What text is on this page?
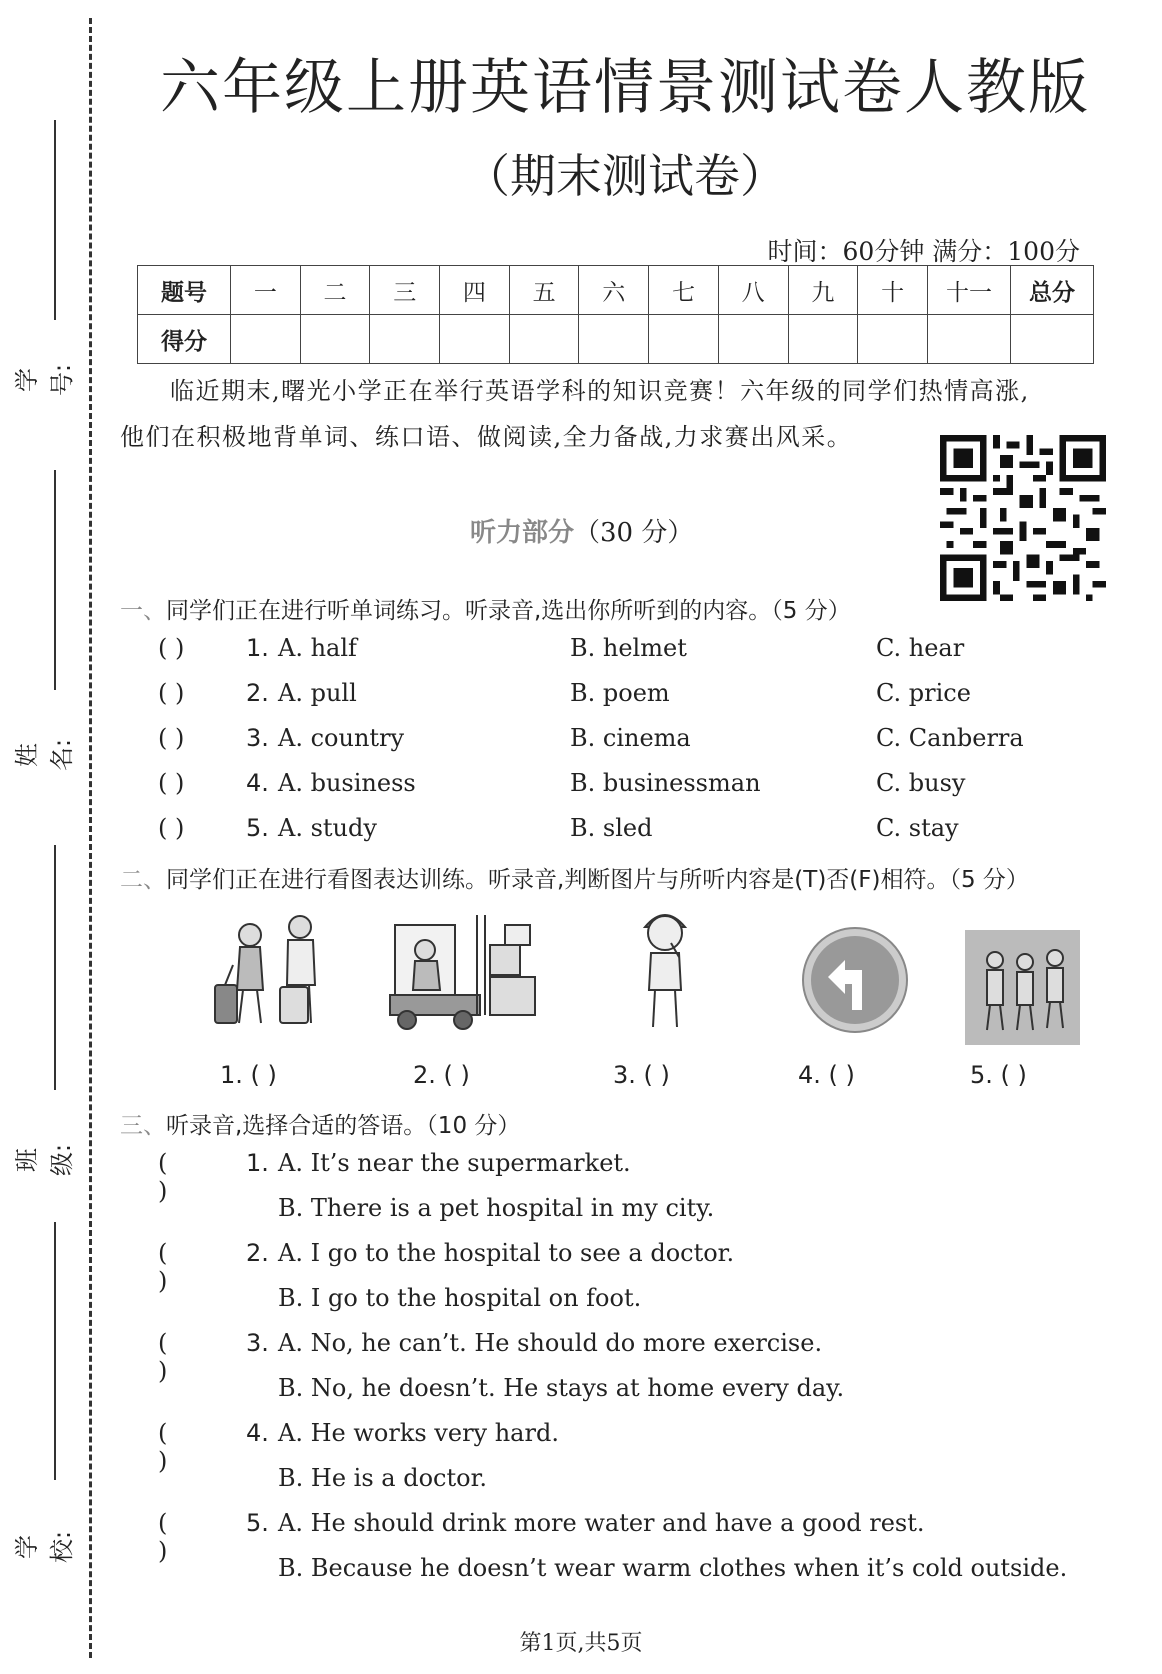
学号:
姓名:
班级:
学校:
六年级上册英语情景测试卷人教版
（期末测试卷）
时间：60分钟 满分：100分
题号	一	二	三	四	五	六	七	八	九	十	十一	总分
得分												
临近期末,曙光小学正在举行英语学科的知识竞赛！六年级的同学们热情高涨,
他们在积极地背单词、练口语、做阅读,全力备战,力求赛出风采。
听力部分（30 分）
一、同学们正在进行听单词练习。听录音,选出你所听到的内容。（5 分）
( )	1. A. half	B. helmet	C. hear
( )	2. A. pull	B. poem	C. price
( )	3. A. country	B. cinema	C. Canberra
( )	4. A. business	B. businessman	C. busy
( )	5. A. study	B. sled	C. stay
二、同学们正在进行看图表达训练。听录音,判断图片与所听内容是(T)否(F)相符。（5 分）
1. ( )	2. ( )	3. ( )	4. ( )	5. ( )
三、听录音,选择合适的答语。（10 分）
( )
1. A. It’s near the supermarket.
B. There is a pet hospital in my city.
( )
2. A. I go to the hospital to see a doctor.
B. I go to the hospital on foot.
( )
3. A. No, he can’t. He should do more exercise.
B. No, he doesn’t. He stays at home every day.
( )
4. A. He works very hard.
B. He is a doctor.
( )
5. A. He should drink more water and have a good rest.
B. Because he doesn’t wear warm clothes when it’s cold outside.
第1页,共5页
